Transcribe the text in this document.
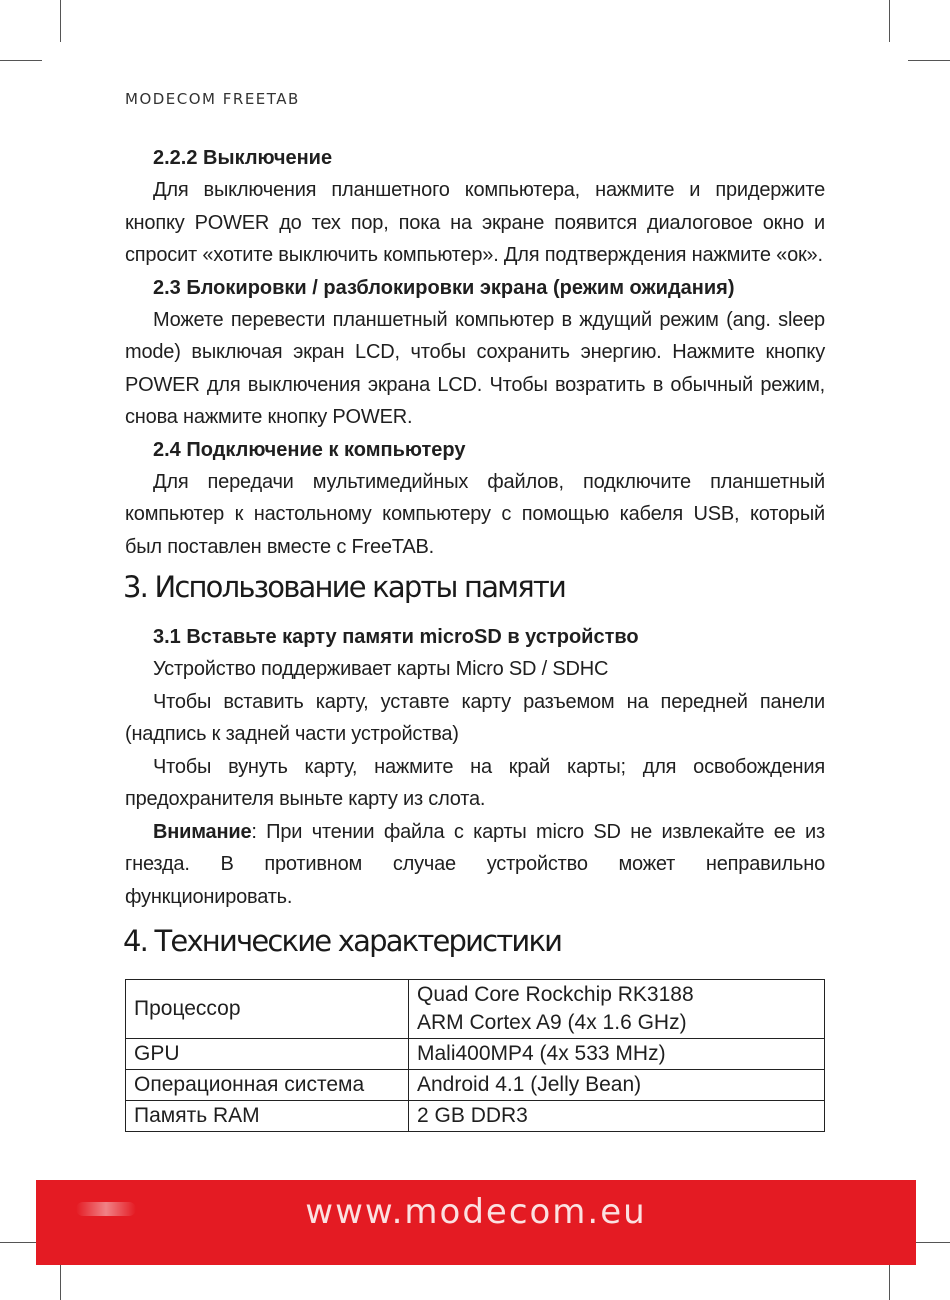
MODECOM FREETAB

2.2.2 Выключение

Для выключения планшетного компьютера, нажмите и придержите кнопку POWER до тех пор, пока на экране появится диалоговое окно и спросит «хотите выключить компьютер». Для подтверждения нажмите «ок».

2.3 Блокировки / разблокировки экрана (режим ожидания)

Можете перевести планшетный компьютер в ждущий режим (ang. sleep mode) выключая экран LCD, чтобы сохранить энергию. Нажмите кнопку POWER для выключения экрана LCD. Чтобы возратить в обычный режим, снова нажмите кнопку POWER.

2.4 Подключение к компьютеру

Для передачи мультимедийных файлов, подключите планшетный компьютер к настольному компьютеру с помощью кабеля USB, который был поставлен вместе с FreeTAB.

3. Использование карты памяти

3.1 Вставьте карту памяти microSD в устройство

Устройство поддерживает карты Micro SD / SDHC

Чтобы вставить карту, уставте карту разъемом на передней панели (надпись к задней части устройства)

Чтобы вунуть карту, нажмите на край карты; для освобождения предохранителя выньте карту из слота.

Внимание: При чтении файла с карты micro SD не извлекайте ее из гнезда. В противном случае устройство может неправильно функционировать.

4. Технические характеристики
Процессор	Quad Core Rockchip RK3188
ARM Cortex A9 (4x 1.6 GHz)

GPU	Mali400MP4 (4x 533 MHz)
Операционная система	Android 4.1 (Jelly Bean)
Память RAM	2 GB DDR3
www.modecom.eu
